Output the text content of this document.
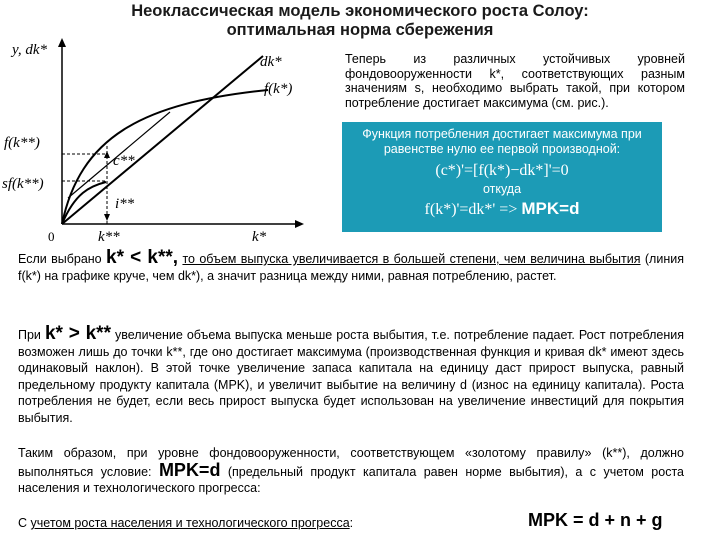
Неоклассическая модель экономического роста Солоу:
оптимальная норма сбережения
y, dk*
dk*
f(k*)
f(k**)
sf(k**)
c**
i**
0	k**	k*
Теперь из различных устойчивых уровней фондовооруженности k*, соответствующих разным значениям s, необходимо выбрать такой, при котором потребление достигает максимума (см. рис.).
Функция потребления достигает максимума при равенстве нулю ее первой производной:
(c*)'=[f(k*)−dk*]'=0
откуда
f(k*)'=dk*' => MPK=d
Если выбрано k* < k**, то объем выпуска увеличивается в большей степени, чем величина выбытия (линия f(k*) на графике круче, чем dk*), а значит разница между ними, равная потреблению, растет.
При k* > k** увеличение объема выпуска меньше роста выбытия, т.е. потребление падает. Рост потребления возможен лишь до точки k**, где оно достигает максимума (производственная функция и кривая dk* имеют здесь одинаковый наклон). В этой точке увеличение запаса капитала на единицу даст прирост выпуска, равный предельному продукту капитала (MPK), и увеличит выбытие на величину d (износ на единицу капитала). Роста потребления не будет, если весь прирост выпуска будет использован на увеличение инвестиций для покрытия выбытия.
Таким образом, при уровне фондовооруженности, соответствующем «золотому правилу» (k**), должно выполняться условие: MPK=d (предельный продукт капитала равен норме выбытия), а с учетом роста населения и технологического прогресса:
С учетом роста населения и технологического прогресса:	MPK = d + n + g
